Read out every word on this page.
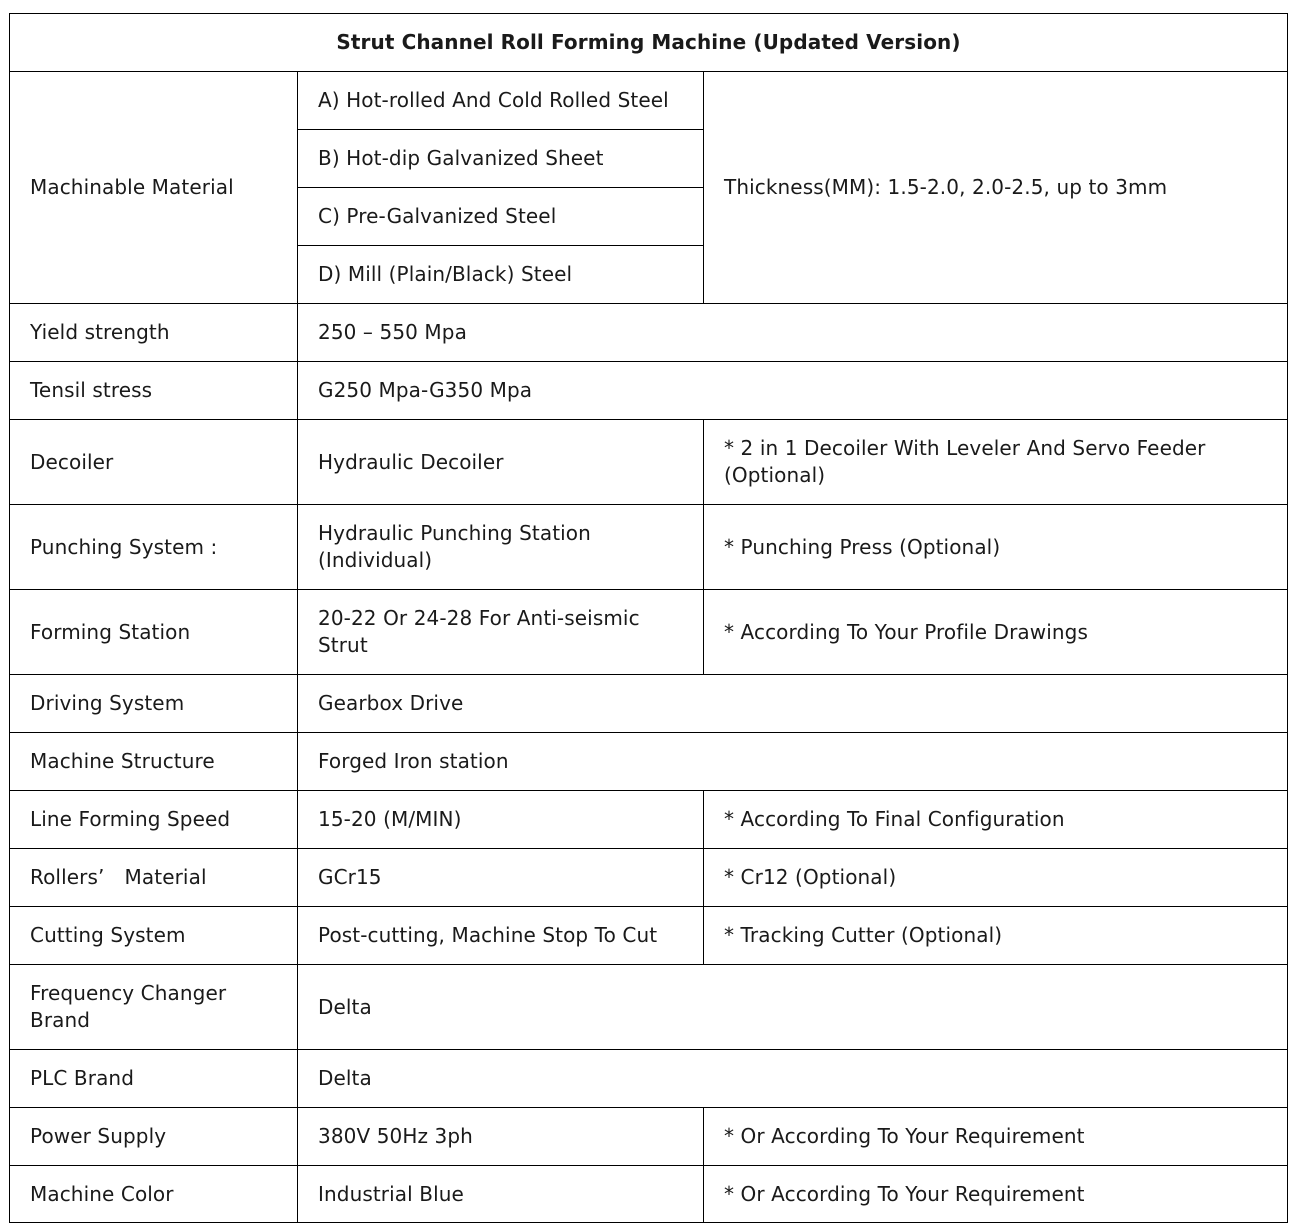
Strut Channel Roll Forming Machine (Updated Version)		
Machinable Material	A) Hot-rolled And Cold Rolled Steel	Thickness(MM): 1.5-2.0, 2.0-2.5, up to 3mm
	B) Hot-dip Galvanized Sheet	
	C) Pre-Galvanized Steel	
	D) Mill (Plain/Black) Steel	
Yield strength	250 – 550 Mpa	
Tensil stress	G250 Mpa-G350 Mpa	
Decoiler	Hydraulic Decoiler	* 2 in 1 Decoiler With Leveler And Servo Feeder (Optional)
Punching System :	Hydraulic Punching Station (Individual)	* Punching Press (Optional)
Forming Station	20-22 Or 24-28 For Anti-seismic Strut	* According To Your Profile Drawings
Driving System	Gearbox Drive	
Machine Structure	Forged Iron station	
Line Forming Speed	15-20 (M/MIN)	* According To Final Configuration
Rollers’　Material	GCr15	* Cr12 (Optional)
Cutting System	Post-cutting, Machine Stop To Cut	* Tracking Cutter (Optional)
Frequency Changer Brand	Delta	
PLC Brand	Delta	
Power Supply	380V 50Hz 3ph	* Or According To Your Requirement
Machine Color	Industrial Blue	* Or According To Your Requirement
